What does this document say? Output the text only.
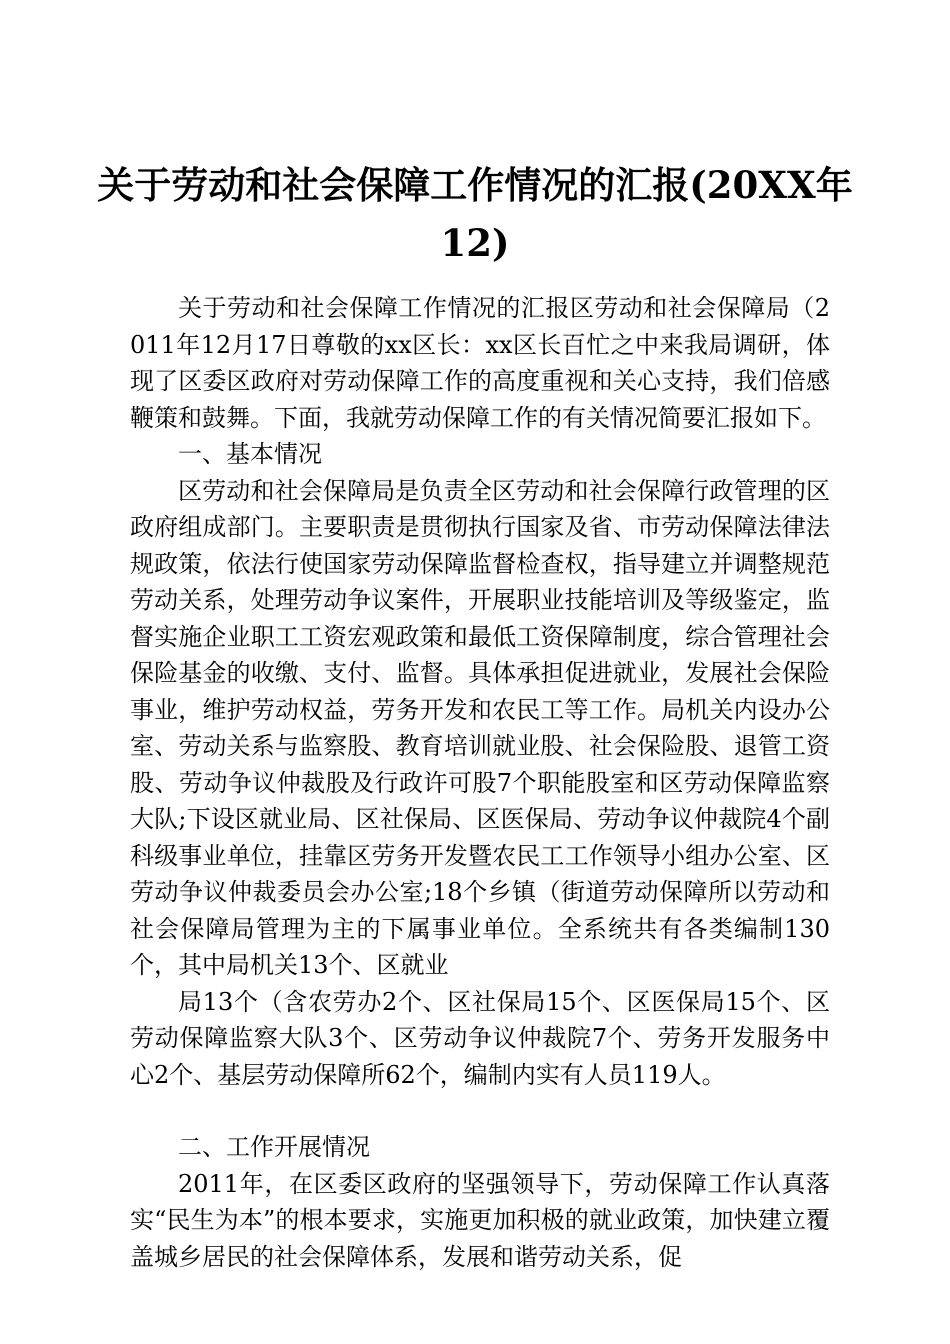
关于劳动和社会保障工作情况的汇报(20XX年
12)

关于劳动和社会保障工作情况的汇报区劳动和社会保障局（2011年12月17日尊敬的xx区长：xx区长百忙之中来我局调研，体现了区委区政府对劳动保障工作的高度重视和关心支持，我们倍感鞭策和鼓舞。下面，我就劳动保障工作的有关情况简要汇报如下。

一、基本情况

区劳动和社会保障局是负责全区劳动和社会保障行政管理的区政府组成部门。主要职责是贯彻执行国家及省、市劳动保障法律法规政策，依法行使国家劳动保障监督检查权，指导建立并调整规范劳动关系，处理劳动争议案件，开展职业技能培训及等级鉴定，监督实施企业职工工资宏观政策和最低工资保障制度，综合管理社会保险基金的收缴、支付、监督。具体承担促进就业，发展社会保险事业，维护劳动权益，劳务开发和农民工等工作。局机关内设办公室、劳动关系与监察股、教育培训就业股、社会保险股、退管工资股、劳动争议仲裁股及行政许可股7个职能股室和区劳动保障监察大队;下设区就业局、区社保局、区医保局、劳动争议仲裁院4个副科级事业单位，挂靠区劳务开发暨农民工工作领导小组办公室、区劳动争议仲裁委员会办公室;18个乡镇（街道劳动保障所以劳动和社会保障局管理为主的下属事业单位。全系统共有各类编制130个，其中局机关13个、区就业

局13个（含农劳办2个、区社保局15个、区医保局15个、区劳动保障监察大队3个、区劳动争议仲裁院7个、劳务开发服务中心2个、基层劳动保障所62个，编制内实有人员119人。

二、工作开展情况

2011年，在区委区政府的坚强领导下，劳动保障工作认真落实“民生为本”的根本要求，实施更加积极的就业政策，加快建立覆盖城乡居民的社会保障体系，发展和谐劳动关系，促
